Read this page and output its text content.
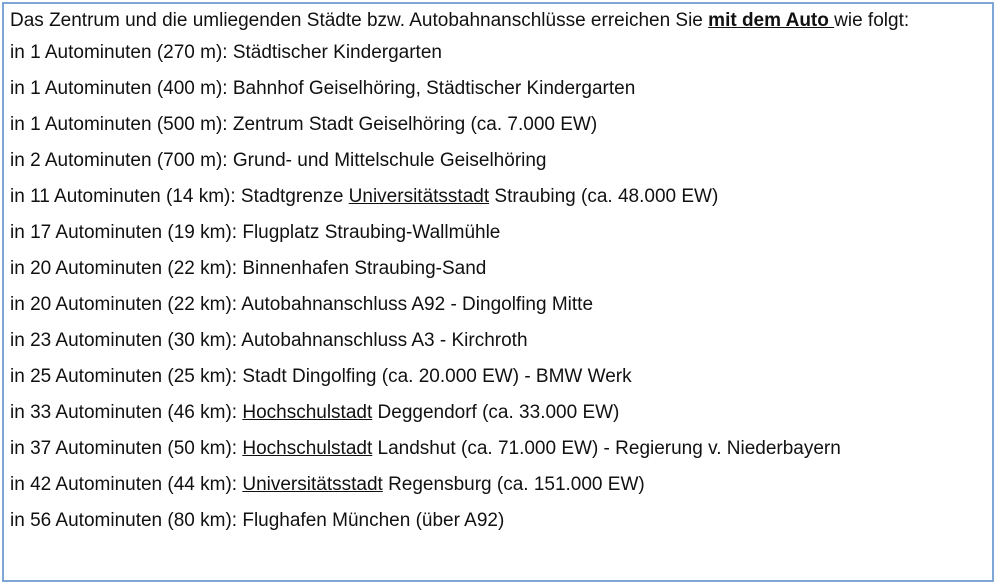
Das Zentrum und die umliegenden Städte bzw. Autobahnanschlüsse erreichen Sie mit dem Auto wie folgt:

in 1 Autominuten (270 m): Städtischer Kindergarten
in 1 Autominuten (400 m): Bahnhof Geiselhöring, Städtischer Kindergarten
in 1 Autominuten (500 m): Zentrum Stadt Geiselhöring (ca. 7.000 EW)
in 2 Autominuten (700 m): Grund- und Mittelschule Geiselhöring
in 11 Autominuten (14 km): Stadtgrenze Universitätsstadt Straubing (ca. 48.000 EW)
in 17 Autominuten (19 km): Flugplatz Straubing-Wallmühle
in 20 Autominuten (22 km): Binnenhafen Straubing-Sand
in 20 Autominuten (22 km): Autobahnanschluss A92 - Dingolfing Mitte
in 23 Autominuten (30 km): Autobahnanschluss A3 - Kirchroth
in 25 Autominuten (25 km): Stadt Dingolfing (ca. 20.000 EW) - BMW Werk
in 33 Autominuten (46 km): Hochschulstadt Deggendorf (ca. 33.000 EW)
in 37 Autominuten (50 km): Hochschulstadt Landshut (ca. 71.000 EW) - Regierung v. Niederbayern
in 42 Autominuten (44 km): Universitätsstadt Regensburg (ca. 151.000 EW)
in 56 Autominuten (80 km): Flughafen München (über A92)
